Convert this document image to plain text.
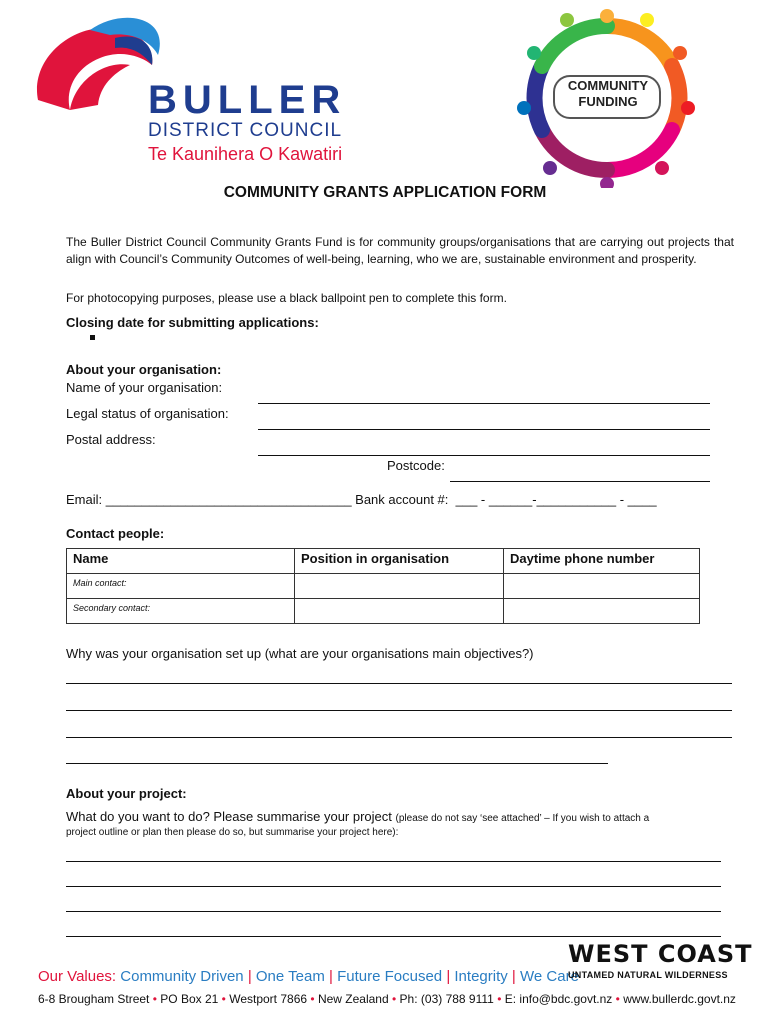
BULLER
DISTRICT COUNCIL
Te Kaunihera O Kawatiri
COMMUNITY
FUNDING
COMMUNITY GRANTS APPLICATION FORM
The Buller District Council Community Grants Fund is for community groups/organisations that are carrying out projects that align with Council’s Community Outcomes of well-being, learning, who we are, sustainable environment and prosperity.
For photocopying purposes, please use a black ballpoint pen to complete this form.
Closing date for submitting applications:
About your organisation:
Name of your organisation:
Legal status of organisation:
Postal address:
Postcode:
Email: __________________________________ Bank account #:  ___ - ______-___________ - ____
Contact people:
Name	Position in organisation	Daytime phone number
Main contact:		
Secondary contact:		
Why was your organisation set up (what are your organisations main objectives?)
About your project:
What do you want to do? Please summarise your project (please do not say ‘see attached’ – If you wish to attach a
project outline or plan then please do so, but summarise your project here):
Our Values: Community Driven | One Team | Future Focused | Integrity | We Care
6-8 Brougham Street • PO Box 21 • Westport 7866 • New Zealand • Ph: (03) 788 9111 • E: info@bdc.govt.nz • www.bullerdc.govt.nz
WEST COAST
UNTAMED NATURAL WILDERNESS
